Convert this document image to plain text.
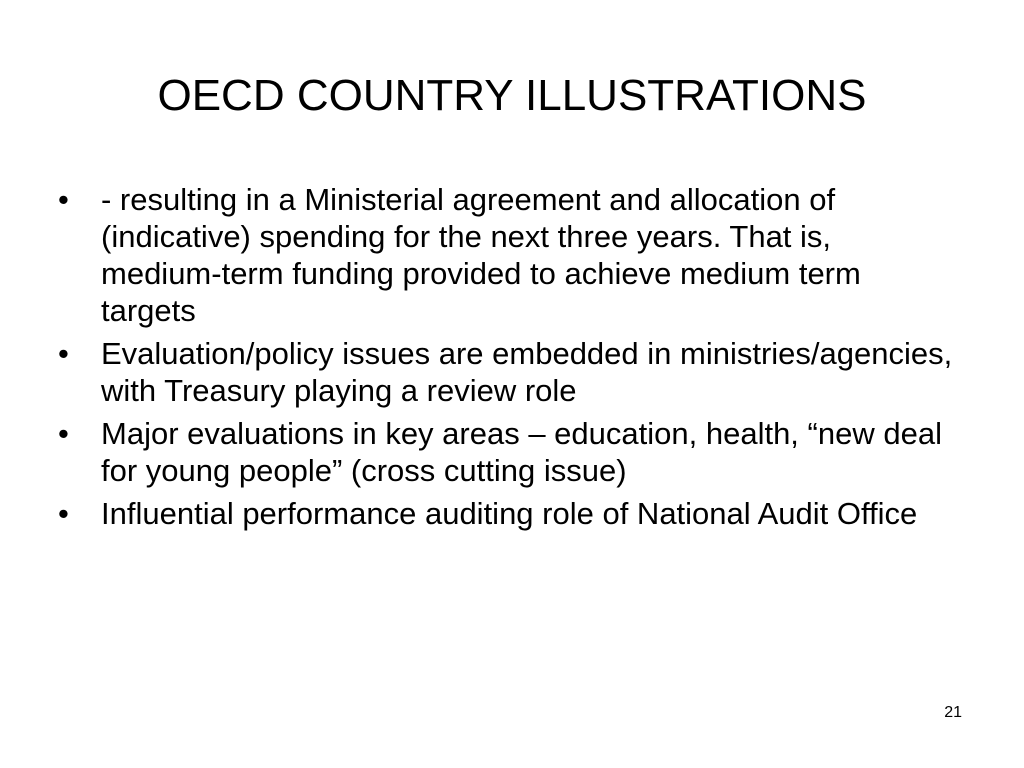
OECD COUNTRY ILLUSTRATIONS
•	- resulting in a Ministerial agreement and allocation of (indicative) spending for the next three years. That is, medium-term funding provided to achieve medium term targets
•	Evaluation/policy issues are embedded in ministries/agencies, with Treasury playing a review role
•	Major evaluations in key areas – education, health, “new deal for young people” (cross cutting issue)
•	Influential performance auditing role of National Audit Office
21
